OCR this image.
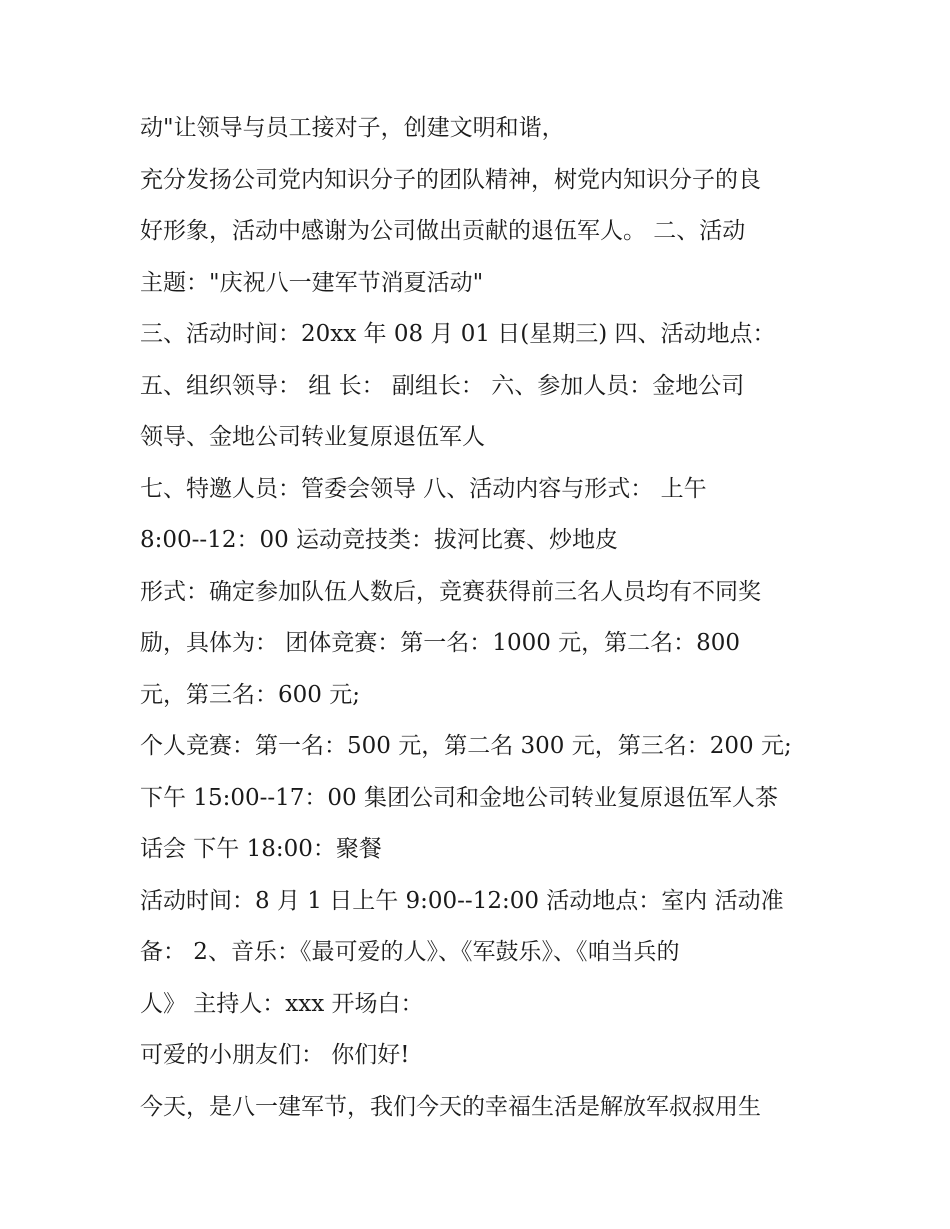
动"让领导与员工接对子，创建文明和谐，
充分发扬公司党内知识分子的团队精神，树党内知识分子的良
好形象，活动中感谢为公司做出贡献的退伍军人。 二、活动
主题："庆祝八一建军节消夏活动"
三、活动时间：20xx 年 08 月 01 日(星期三) 四、活动地点：
五、组织领导： 组 长： 副组长： 六、参加人员：金地公司
领导、金地公司转业复原退伍军人
七、特邀人员：管委会领导 八、活动内容与形式： 上午
8:00--12：00 运动竞技类：拔河比赛、炒地皮
形式：确定参加队伍人数后，竞赛获得前三名人员均有不同奖
励，具体为： 团体竞赛：第一名：1000 元，第二名：800
元，第三名：600 元;
个人竞赛：第一名：500 元，第二名 300 元，第三名：200 元;
下午 15:00--17：00 集团公司和金地公司转业复原退伍军人茶
话会 下午 18:00：聚餐
活动时间：8 月 1 日上午 9:00--12:00 活动地点：室内 活动准
备： 2、音乐：《最可爱的人》、《军鼓乐》、《咱当兵的
人》 主持人：xxx 开场白：
可爱的小朋友们： 你们好!
今天，是八一建军节，我们今天的幸福生活是解放军叔叔用生
